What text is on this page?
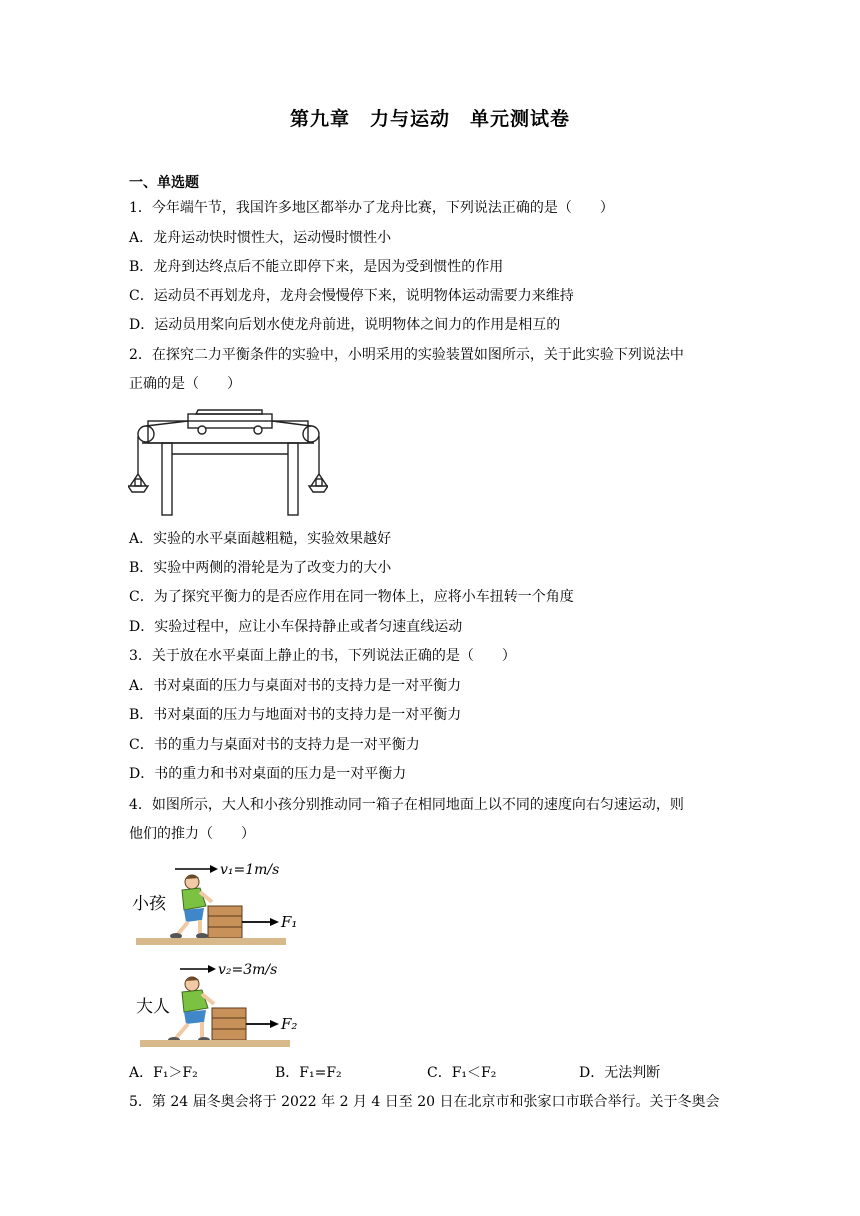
第九章　力与运动　单元测试卷
一、单选题
1．今年端午节，我国许多地区都举办了龙舟比赛，下列说法正确的是（　　）
A．龙舟运动快时惯性大，运动慢时惯性小
B．龙舟到达终点后不能立即停下来，是因为受到惯性的作用
C．运动员不再划龙舟，龙舟会慢慢停下来，说明物体运动需要力来维持
D．运动员用桨向后划水使龙舟前进，说明物体之间力的作用是相互的
2．在探究二力平衡条件的实验中，小明采用的实验装置如图所示，关于此实验下列说法中
正确的是（　　）
A．实验的水平桌面越粗糙，实验效果越好
B．实验中两侧的滑轮是为了改变力的大小
C．为了探究平衡力的是否应作用在同一物体上，应将小车扭转一个角度
D．实验过程中，应让小车保持静止或者匀速直线运动
3．关于放在水平桌面上静止的书，下列说法正确的是（　　）
A．书对桌面的压力与桌面对书的支持力是一对平衡力
B．书对桌面的压力与地面对书的支持力是一对平衡力
C．书的重力与桌面对书的支持力是一对平衡力
D．书的重力和书对桌面的压力是一对平衡力
4．如图所示，大人和小孩分别推动同一箱子在相同地面上以不同的速度向右匀速运动，则
他们的推力（　　）
v₁=1m/s
小孩
F₁
v₂=3m/s
大人
F₂
A．F₁＞F₂	B．F₁=F₂	C．F₁＜F₂	D．无法判断
5．第 24 届冬奥会将于 2022 年 2 月 4 日至 20 日在北京市和张家口市联合举行。关于冬奥会
